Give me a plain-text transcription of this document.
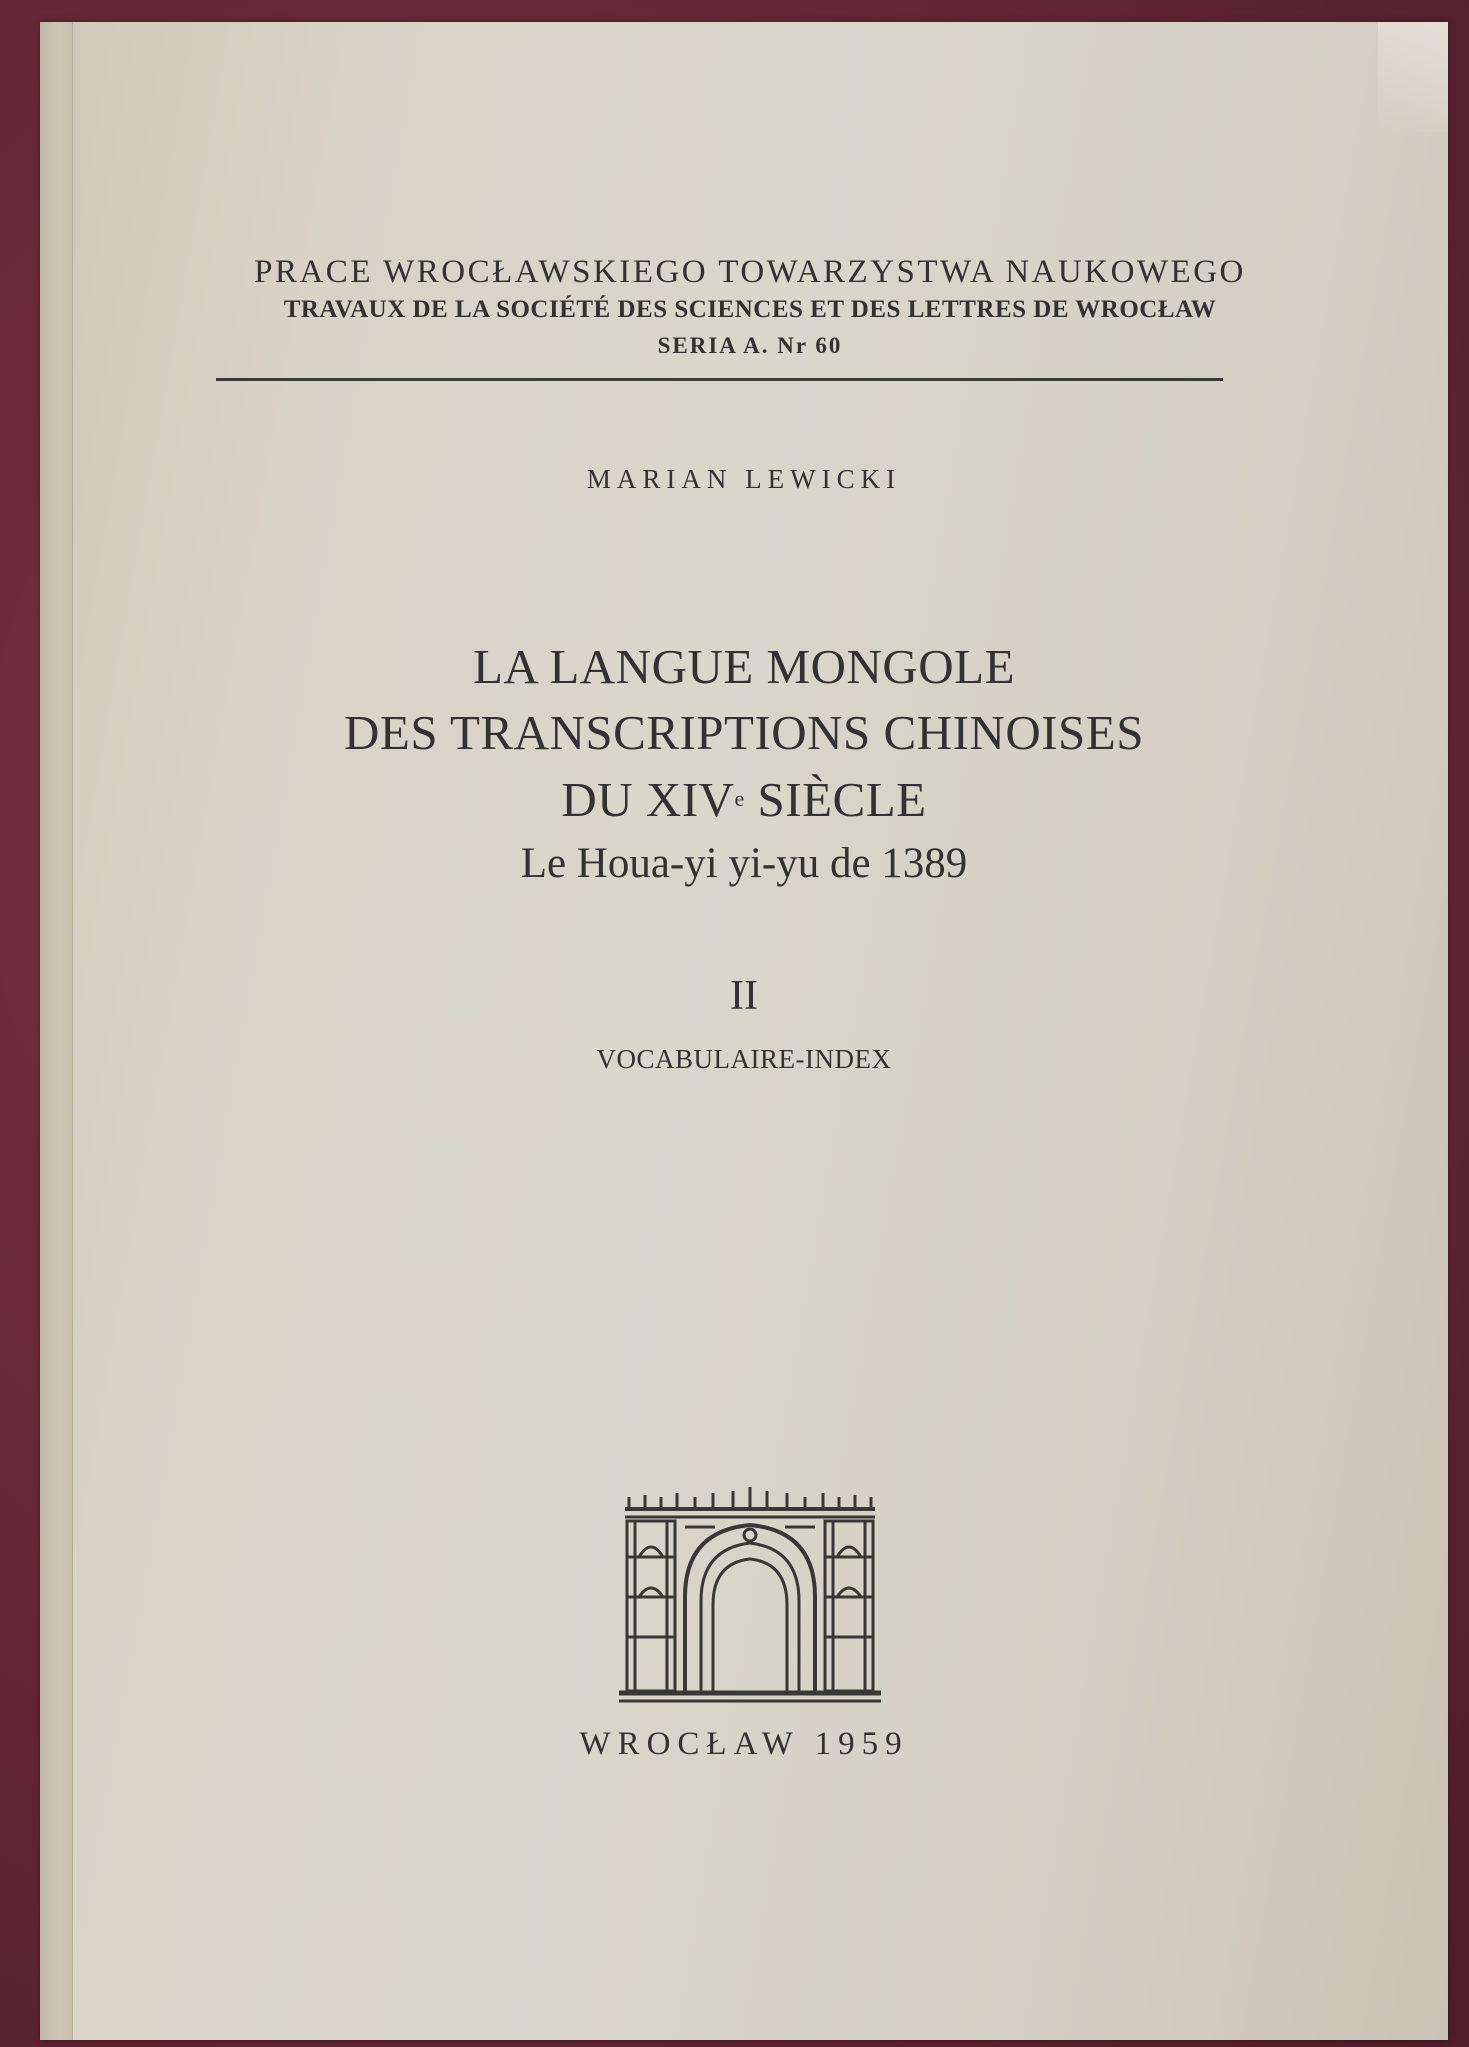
PRACE WROCŁAWSKIEGO TOWARZYSTWA NAUKOWEGO
TRAVAUX DE LA SOCIÉTÉ DES SCIENCES ET DES LETTRES DE WROCŁAW
SERIA A. Nr 60
MARIAN LEWICKI
LA LANGUE MONGOLE
DES TRANSCRIPTIONS CHINOISES
DU XIVe SIÈCLE
Le Houa-yi yi-yu de 1389
II
VOCABULAIRE-INDEX
WROCŁAW 1959
